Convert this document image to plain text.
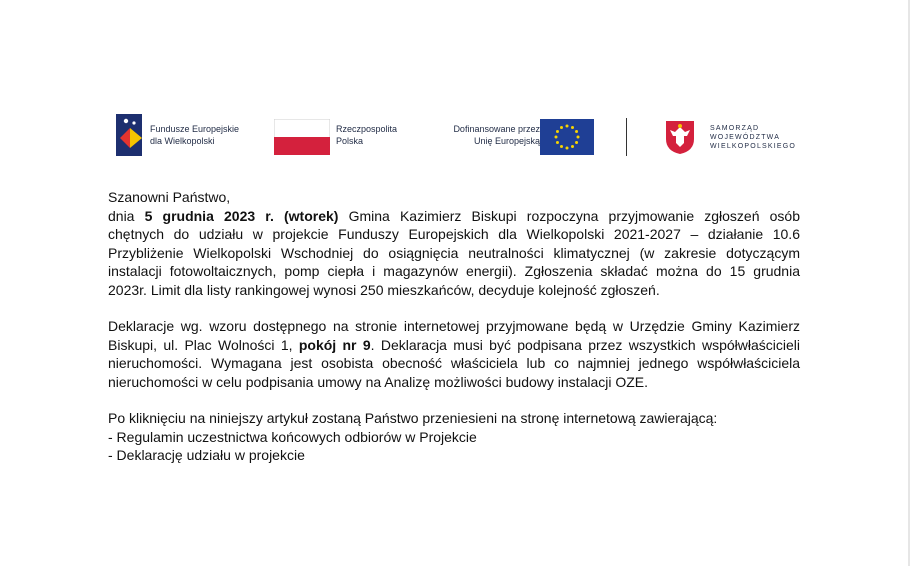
Fundusze Europejskie
dla Wielkopolski
Rzeczpospolita
Polska
Dofinansowane przez
Unię Europejską
SAMORZĄD
WOJEWÓDZTWA
WIELKOPOLSKIEGO
Szanowni Państwo,
dnia 5 grudnia 2023 r. (wtorek) Gmina Kazimierz Biskupi rozpoczyna przyjmowanie zgłoszeń osób
chętnych do udziału w projekcie Funduszy Europejskich dla Wielkopolski 2021-2027 – działanie 10.6
Przybliżenie Wielkopolski Wschodniej do osiągnięcia neutralności klimatycznej (w zakresie dotyczącym
instalacji fotowoltaicznych, pomp ciepła i magazynów energii). Zgłoszenia składać można do 15 grudnia
2023r. Limit dla listy rankingowej wynosi 250 mieszkańców, decyduje kolejność zgłoszeń.
Deklaracje wg. wzoru dostępnego na stronie internetowej przyjmowane będą w Urzędzie Gminy Kazimierz
Biskupi, ul. Plac Wolności 1, pokój nr 9. Deklaracja musi być podpisana przez wszystkich współwłaścicieli
nieruchomości. Wymagana jest osobista obecność właściciela lub co najmniej jednego współwłaściciela
nieruchomości w celu podpisania umowy na Analizę możliwości budowy instalacji OZE.
Po kliknięciu na niniejszy artykuł zostaną Państwo przeniesieni na stronę internetową zawierającą:
- Regulamin uczestnictwa końcowych odbiorów w Projekcie
- Deklarację udziału w projekcie
